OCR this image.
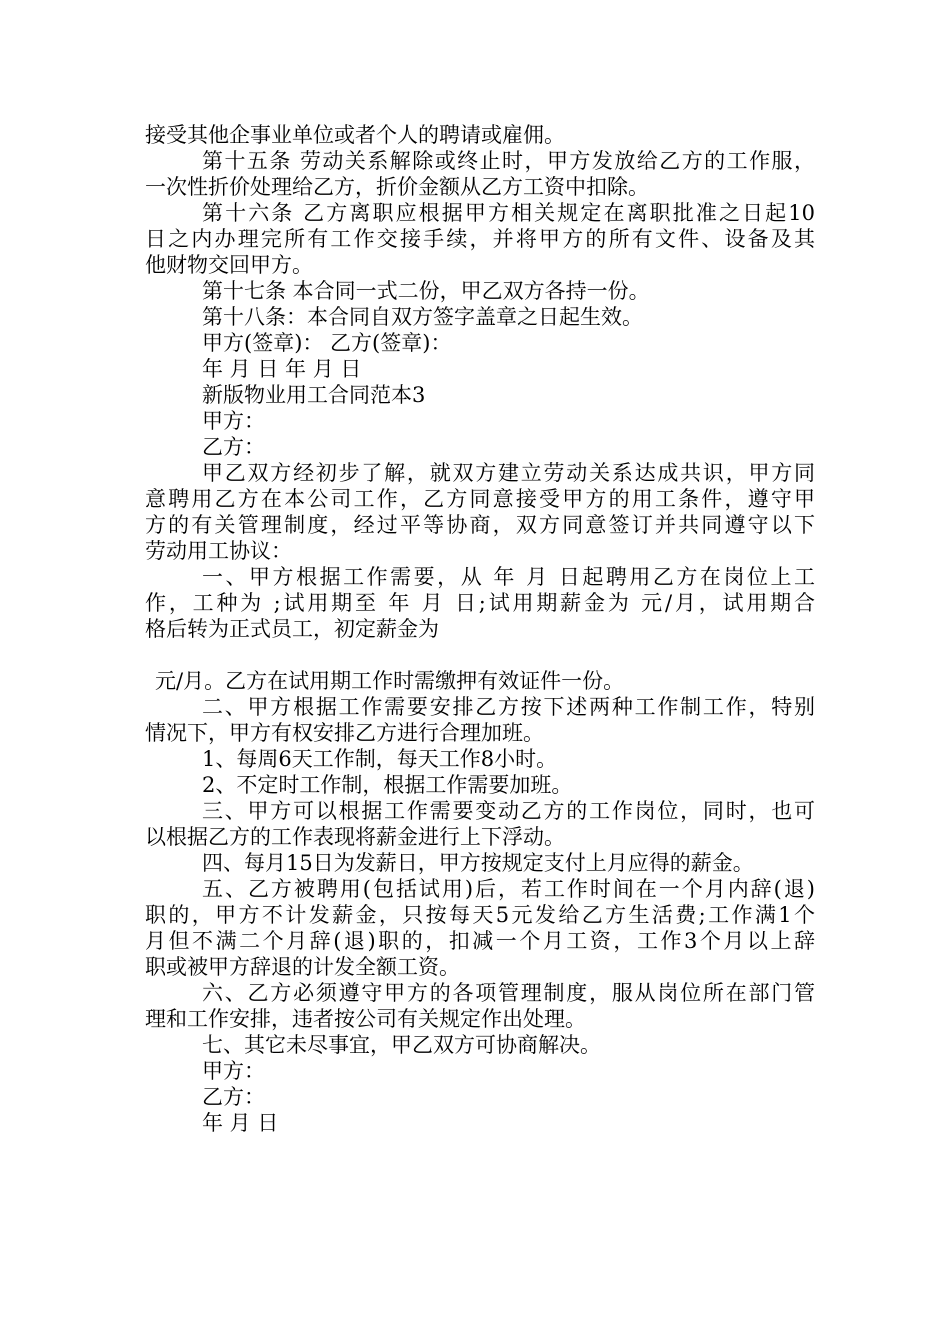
接受其他企事业单位或者个人的聘请或雇佣。
第十五条 劳动关系解除或终止时，甲方发放给乙方的工作服，
一次性折价处理给乙方，折价金额从乙方工资中扣除。
第十六条 乙方离职应根据甲方相关规定在离职批准之日起10
日之内办理完所有工作交接手续，并将甲方的所有文件、设备及其
他财物交回甲方。
第十七条 本合同一式二份，甲乙双方各持一份。
第十八条：本合同自双方签字盖章之日起生效。
甲方(签章)： 乙方(签章)：
年 月 日 年 月 日
新版物业用工合同范本3
甲方：
乙方：
甲乙双方经初步了解，就双方建立劳动关系达成共识，甲方同
意聘用乙方在本公司工作，乙方同意接受甲方的用工条件，遵守甲
方的有关管理制度，经过平等协商，双方同意签订并共同遵守以下
劳动用工协议：
一、甲方根据工作需要，从 年 月 日起聘用乙方在岗位上工
作，工种为 ;试用期至 年 月 日;试用期薪金为 元/月，试用期合
格后转为正式员工，初定薪金为
元/月。乙方在试用期工作时需缴押有效证件一份。
二、甲方根据工作需要安排乙方按下述两种工作制工作，特别
情况下，甲方有权安排乙方进行合理加班。
1、每周6天工作制，每天工作8小时。
2、不定时工作制，根据工作需要加班。
三、甲方可以根据工作需要变动乙方的工作岗位，同时，也可
以根据乙方的工作表现将薪金进行上下浮动。
四、每月15日为发薪日，甲方按规定支付上月应得的薪金。
五、乙方被聘用(包括试用)后，若工作时间在一个月内辞(退)
职的，甲方不计发薪金，只按每天5元发给乙方生活费;工作满1个
月但不满二个月辞(退)职的，扣减一个月工资，工作3个月以上辞
职或被甲方辞退的计发全额工资。
六、乙方必须遵守甲方的各项管理制度，服从岗位所在部门管
理和工作安排，违者按公司有关规定作出处理。
七、其它未尽事宜，甲乙双方可协商解决。
甲方：
乙方：
年 月 日
